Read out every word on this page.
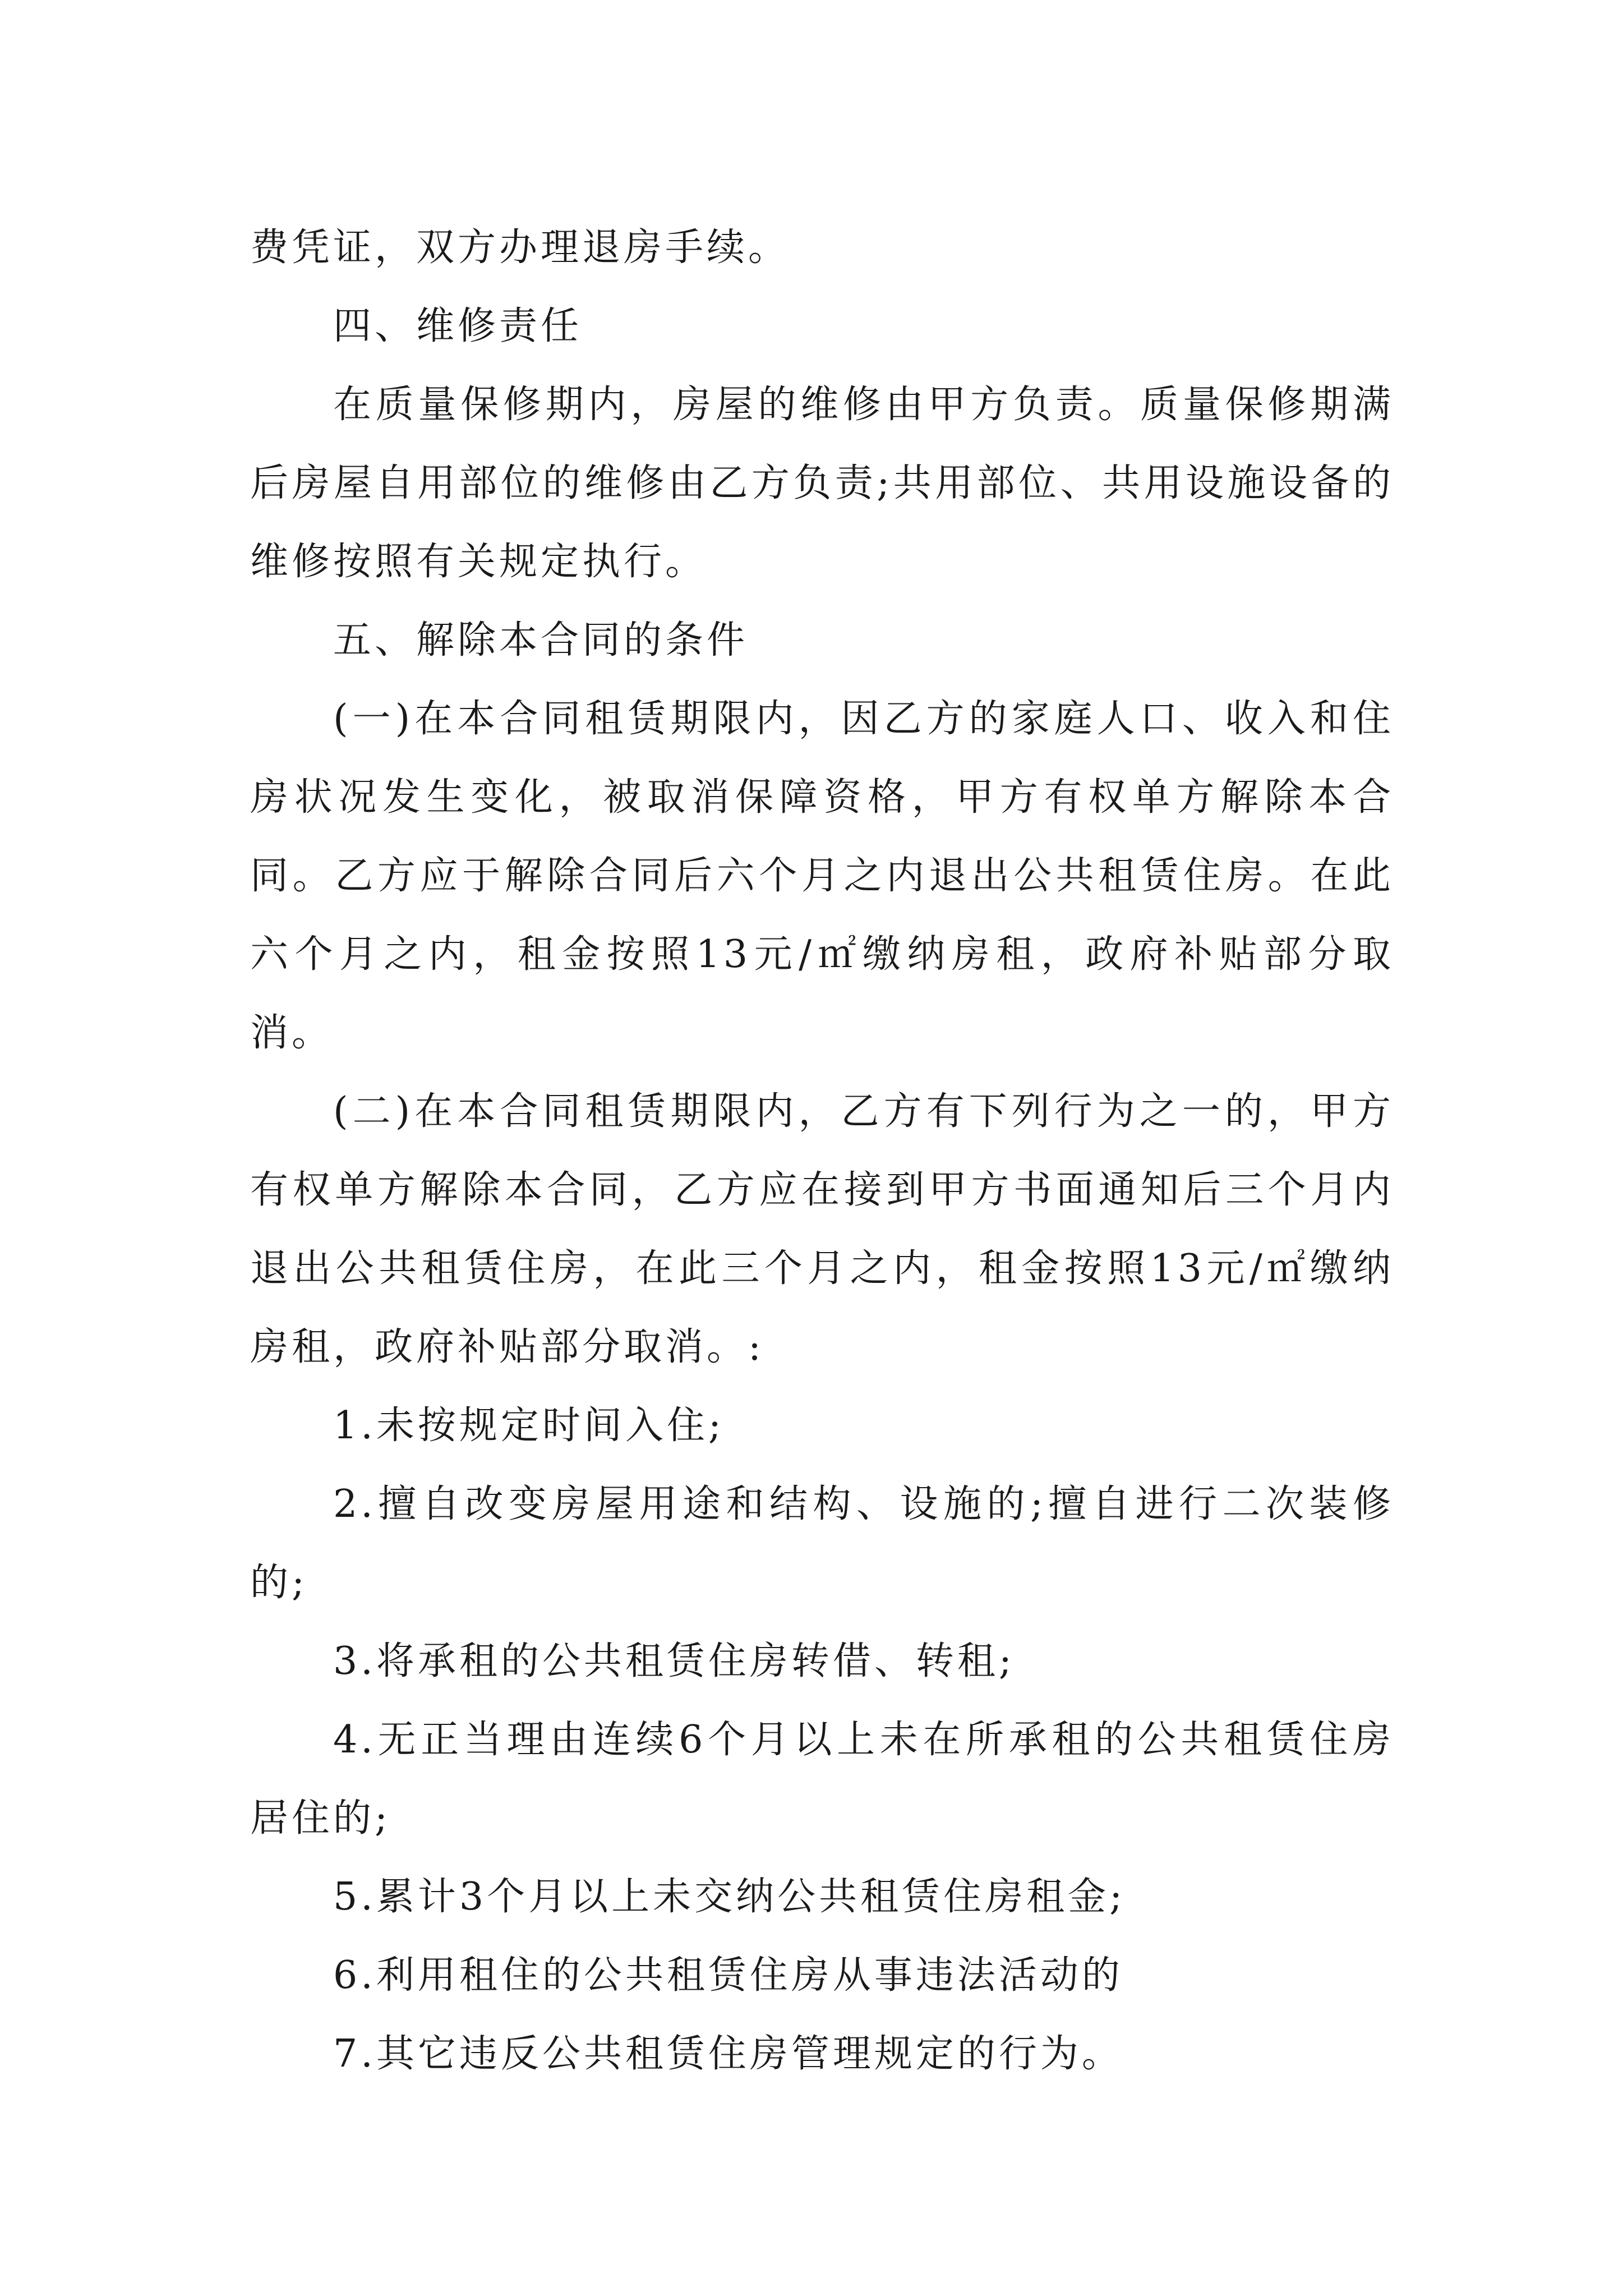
费凭证，双方办理退房手续。

四、维修责任

在质量保修期内，房屋的维修由甲方负责。质量保修期满后房屋自用部位的维修由乙方负责;共用部位、共用设施设备的维修按照有关规定执行。

五、解除本合同的条件

(一)在本合同租赁期限内，因乙方的家庭人口、收入和住房状况发生变化，被取消保障资格，甲方有权单方解除本合同。乙方应于解除合同后六个月之内退出公共租赁住房。在此六个月之内，租金按照13元/㎡缴纳房租，政府补贴部分取消。

(二)在本合同租赁期限内，乙方有下列行为之一的，甲方有权单方解除本合同，乙方应在接到甲方书面通知后三个月内退出公共租赁住房，在此三个月之内，租金按照13元/㎡缴纳房租，政府补贴部分取消。:

1.未按规定时间入住;

2.擅自改变房屋用途和结构、设施的;擅自进行二次装修的;

3.将承租的公共租赁住房转借、转租;

4.无正当理由连续6个月以上未在所承租的公共租赁住房居住的;

5.累计3个月以上未交纳公共租赁住房租金;

6.利用租住的公共租赁住房从事违法活动的

7.其它违反公共租赁住房管理规定的行为。
